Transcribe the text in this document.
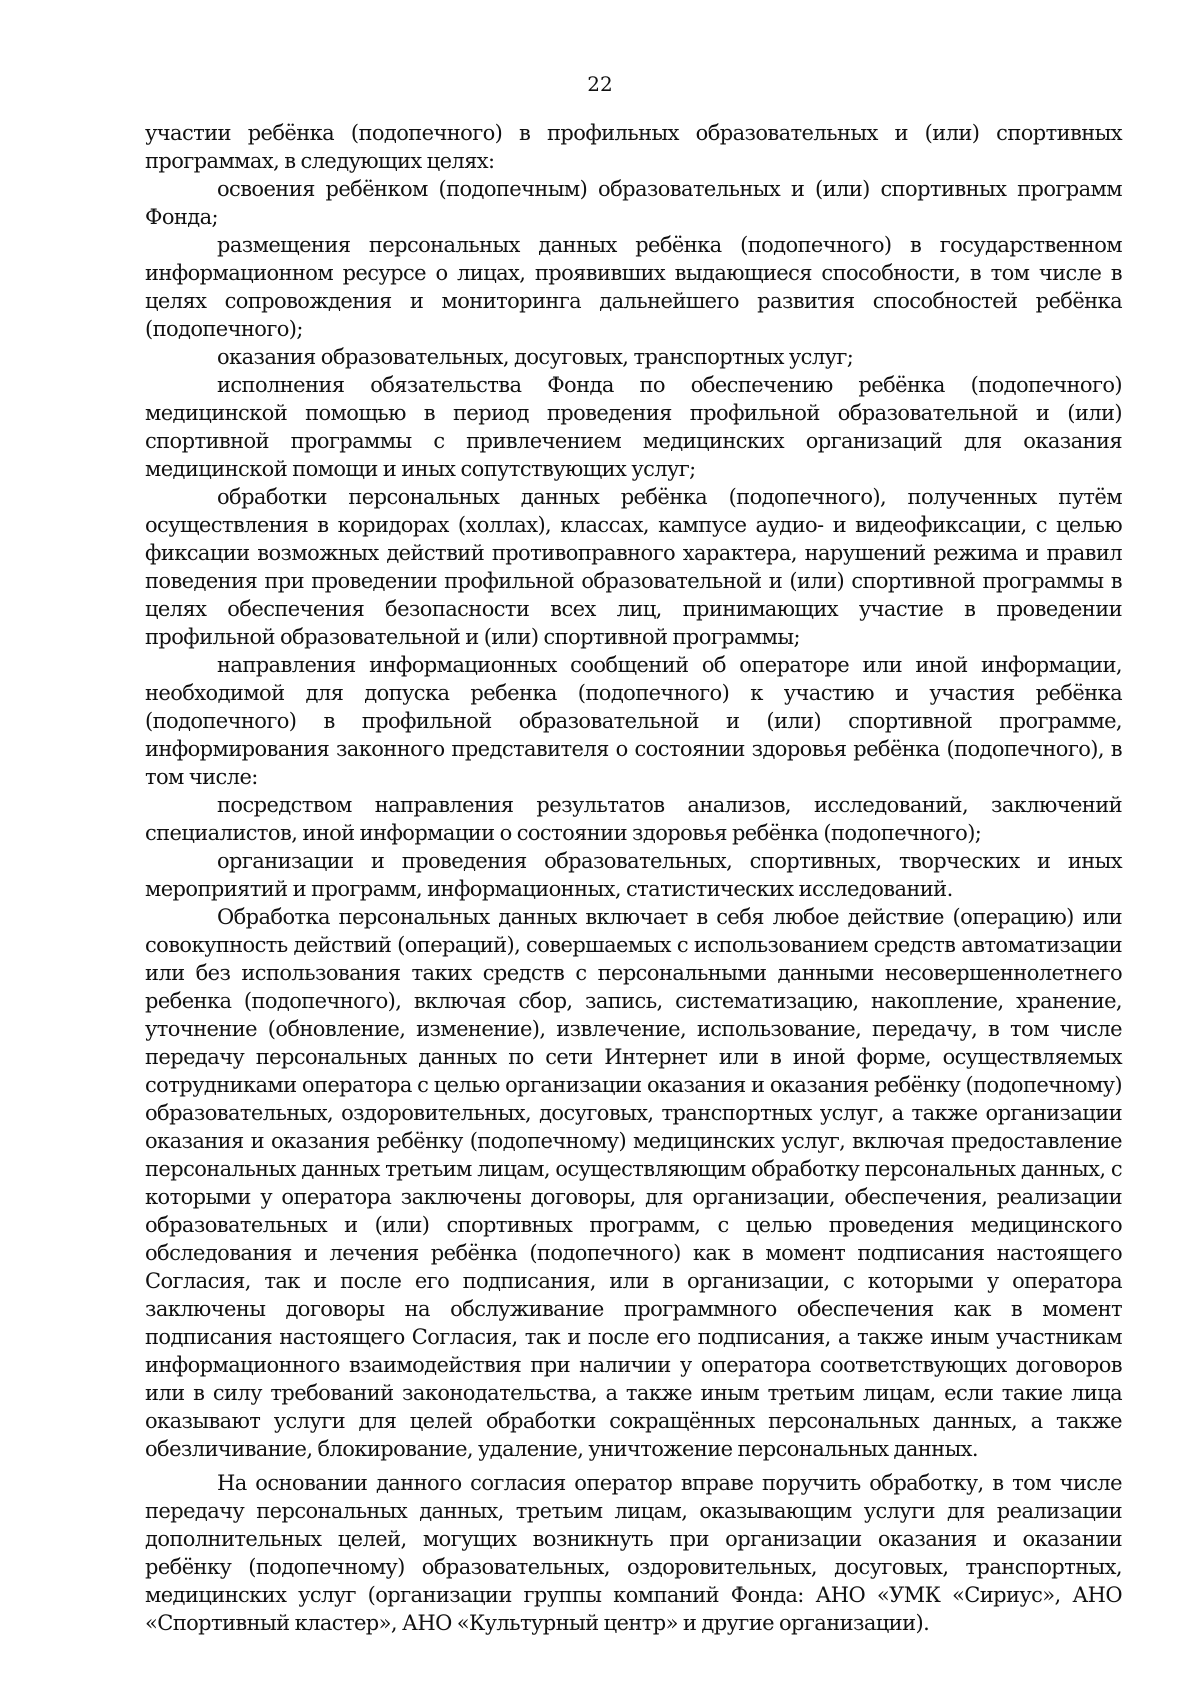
22

участии ребёнка (подопечного) в профильных образовательных и (или) спортивных программах, в следующих целях:

освоения ребёнком (подопечным) образовательных и (или) спортивных программ Фонда;

размещения персональных данных ребёнка (подопечного) в государственном информационном ресурсе о лицах, проявивших выдающиеся способности, в том числе в целях сопровождения и мониторинга дальнейшего развития способностей ребёнка (подопечного);

оказания образовательных, досуговых, транспортных услуг;

исполнения обязательства Фонда по обеспечению ребёнка (подопечного) медицинской помощью в период проведения профильной образовательной и (или) спортивной программы с привлечением медицинских организаций для оказания медицинской помощи и иных сопутствующих услуг;

обработки персональных данных ребёнка (подопечного), полученных путём осуществления в коридорах (холлах), классах, кампусе аудио- и видеофиксации, с целью фиксации возможных действий противоправного характера, нарушений режима и правил поведения при проведении профильной образовательной и (или) спортивной программы в целях обеспечения безопасности всех лиц, принимающих участие в проведении профильной образовательной и (или) спортивной программы;

направления информационных сообщений об операторе или иной информации, необходимой для допуска ребенка (подопечного) к участию и участия ребёнка (подопечного) в профильной образовательной и (или) спортивной программе, информирования законного представителя о состоянии здоровья ребёнка (подопечного), в том числе:

посредством направления результатов анализов, исследований, заключений специалистов, иной информации о состоянии здоровья ребёнка (подопечного);

организации и проведения образовательных, спортивных, творческих и иных мероприятий и программ, информационных, статистических исследований.

Обработка персональных данных включает в себя любое действие (операцию) или совокупность действий (операций), совершаемых с использованием средств автоматизации или без использования таких средств с персональными данными несовершеннолетнего ребенка (подопечного), включая сбор, запись, систематизацию, накопление, хранение, уточнение (обновление, изменение), извлечение, использование, передачу, в том числе передачу персональных данных по сети Интернет или в иной форме, осуществляемых сотрудниками оператора с целью организации оказания и оказания ребёнку (подопечному) образовательных, оздоровительных, досуговых, транспортных услуг, а также организации оказания и оказания ребёнку (подопечному) медицинских услуг, включая предоставление персональных данных третьим лицам, осуществляющим обработку персональных данных, с которыми у оператора заключены договоры, для организации, обеспечения, реализации образовательных и (или) спортивных программ, с целью проведения медицинского обследования и лечения ребёнка (подопечного) как в момент подписания настоящего Согласия, так и после его подписания, или в организации, с которыми у оператора заключены договоры на обслуживание программного обеспечения как в момент подписания настоящего Согласия, так и после его подписания, а также иным участникам информационного взаимодействия при наличии у оператора соответствующих договоров или в силу требований законодательства, а также иным третьим лицам, если такие лица оказывают услуги для целей обработки сокращённых персональных данных, а также обезличивание, блокирование, удаление, уничтожение персональных данных.

На основании данного согласия оператор вправе поручить обработку, в том числе передачу персональных данных, третьим лицам, оказывающим услуги для реализации дополнительных целей, могущих возникнуть при организации оказания и оказании ребёнку (подопечному) образовательных, оздоровительных, досуговых, транспортных, медицинских услуг (организации группы компаний Фонда: АНО «УМК «Сириус», АНО «Спортивный кластер», АНО «Культурный центр» и другие организации).
